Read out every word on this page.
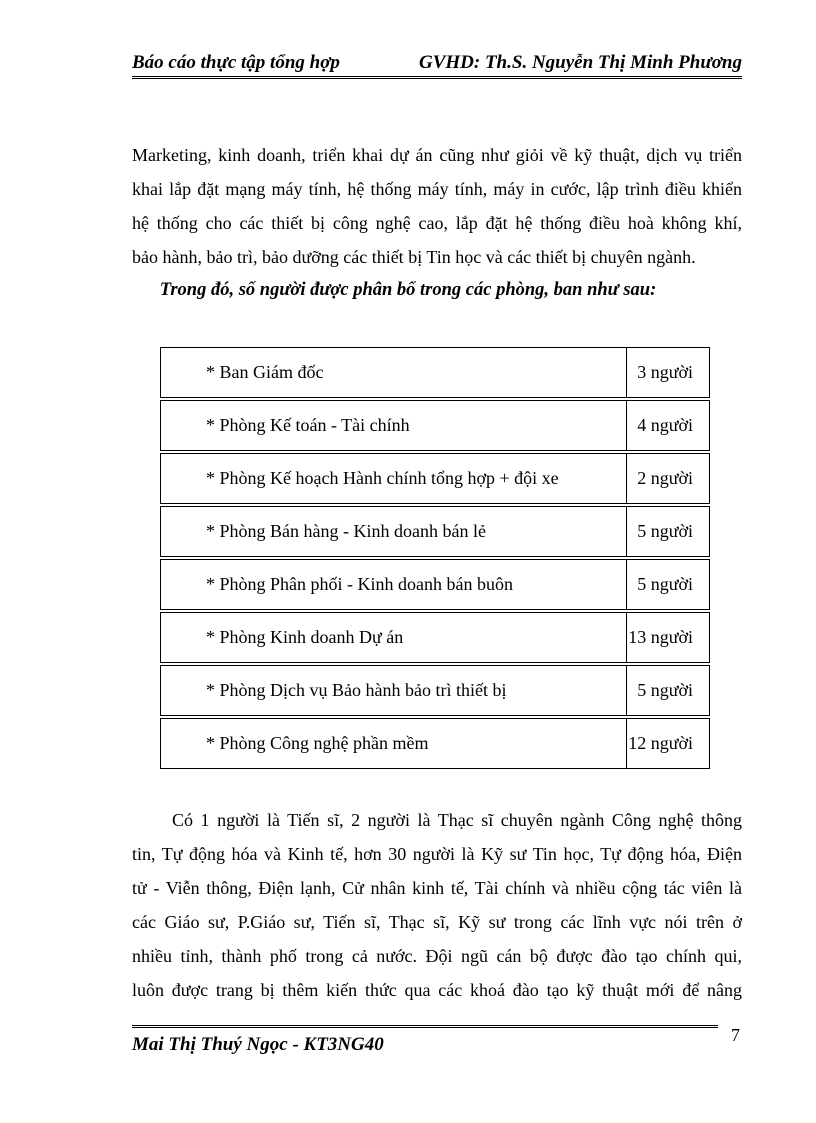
Báo cáo thực tập tổng hợp	GVHD: Th.S. Nguyễn Thị Minh Phương
Marketing, kinh doanh, triển khai dự án cũng như giỏi về kỹ thuật, dịch vụ triển
khai lắp đặt mạng máy tính, hệ thống máy tính, máy in cước, lập trình điều khiển
hệ thống cho các thiết bị công nghệ cao, lắp đặt hệ thống điều hoà không khí,
bảo hành, bảo trì, bảo dưỡng các thiết bị Tin học và các thiết bị chuyên ngành.
Trong đó, số người được phân bổ trong các phòng, ban như sau:
* Ban Giám đốc	3 người
* Phòng Kế toán - Tài chính	4 người
* Phòng Kế hoạch Hành chính tổng hợp + đội xe	2 người
* Phòng Bán hàng - Kinh doanh bán lẻ	5 người
* Phòng Phân phối - Kinh doanh bán buôn	5 người
* Phòng Kinh doanh Dự án	13 người
* Phòng Dịch vụ Bảo hành bảo trì thiết bị	5 người
* Phòng Công nghệ phần mềm	12 người
Có 1 người là Tiến sĩ, 2 người là Thạc sĩ chuyên ngành Công nghệ thông
tin, Tự động hóa và Kinh tế, hơn 30 người là Kỹ sư Tin học, Tự động hóa, Điện
tử - Viễn thông, Điện lạnh, Cử nhân kinh tế, Tài chính và nhiều cộng tác viên là
các Giáo sư, P.Giáo sư, Tiến sĩ, Thạc sĩ, Kỹ sư trong các lĩnh vực nói trên ở
nhiều tỉnh, thành phố trong cả nước. Đội ngũ cán bộ được đào tạo chính qui,
luôn được trang bị thêm kiến thức qua các khoá đào tạo kỹ thuật mới để nâng
Mai Thị Thuý Ngọc - KT3NG40	7
